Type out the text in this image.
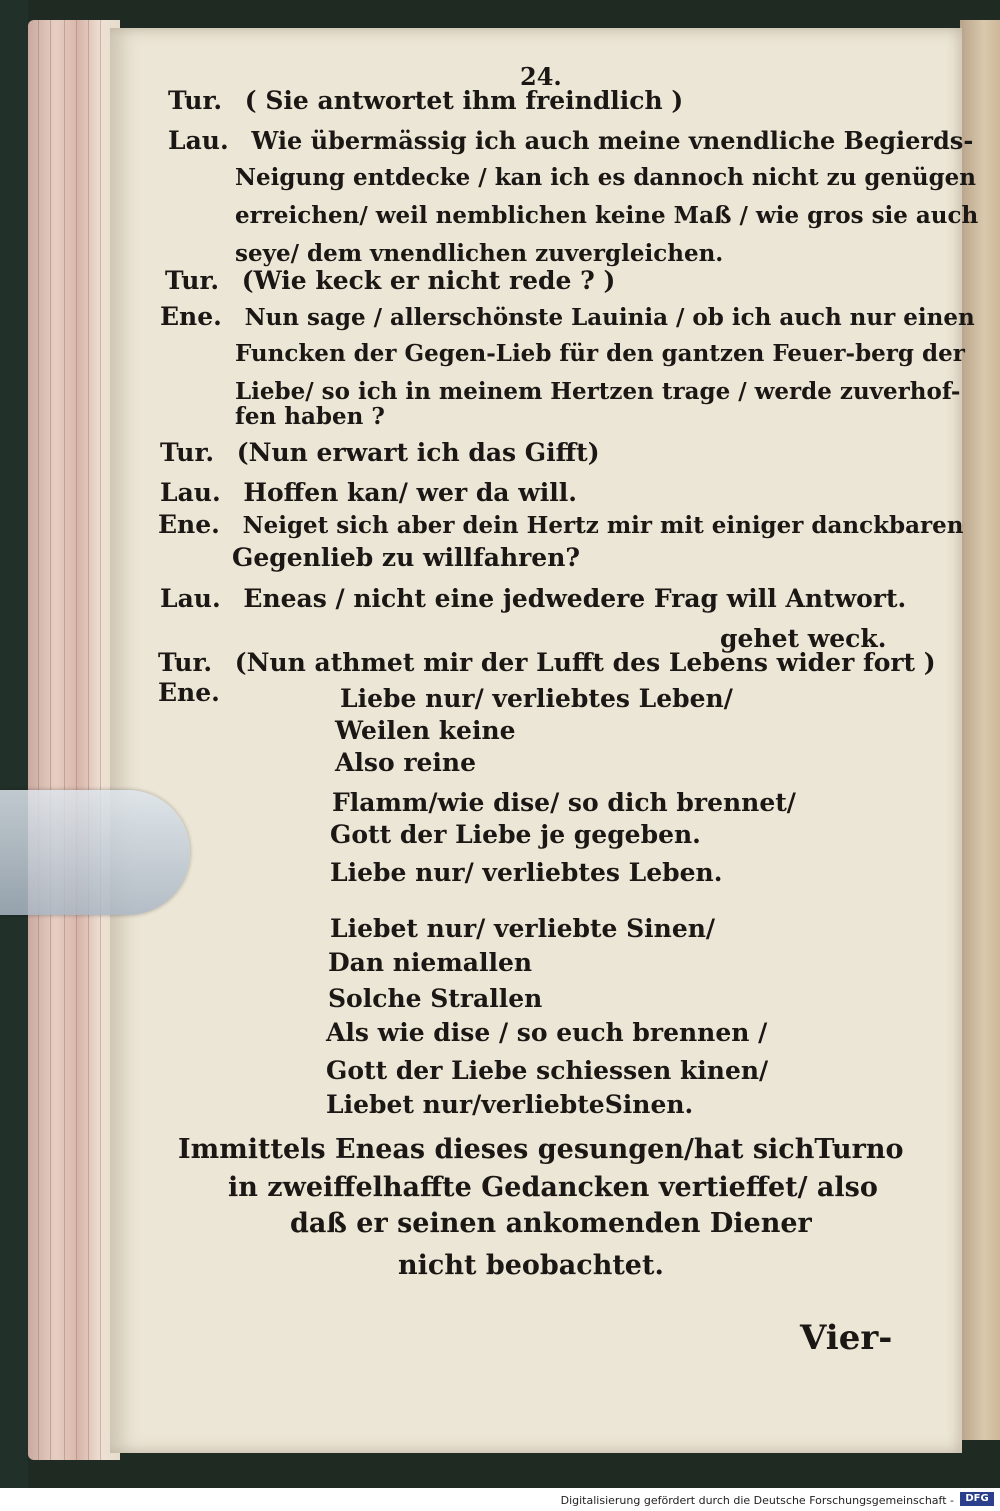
24.
Tur. ( Sie antwortet ihm freindlich )
Lau. Wie übermässig ich auch meine vnendliche Begierds-
Neigung entdecke / kan ich es dannoch nicht zu genügen
erreichen/ weil nemblichen keine Maß / wie gros sie auch
seye/ dem vnendlichen zuvergleichen.
Tur. (Wie keck er nicht rede ? )
Ene. Nun sage / allerschönste Lauinia / ob ich auch nur einen
Funcken der Gegen-Lieb für den gantzen Feuer-berg der
Liebe/ so ich in meinem Hertzen trage / werde zuverhof-
fen haben ?
Tur. (Nun erwart ich das Gifft)
Lau. Hoffen kan/ wer da will.
Ene. Neiget sich aber dein Hertz mir mit einiger danckbaren
Gegenlieb zu willfahren?
Lau. Eneas / nicht eine jedwedere Frag will Antwort.
gehet weck.
Tur. (Nun athmet mir der Lufft des Lebens wider fort )
Ene.	Liebe nur/ verliebtes Leben/
Weilen keine
Also reine
Flamm/wie dise/ so dich brennet/
Gott der Liebe je gegeben.
Liebe nur/ verliebtes Leben.
Liebet nur/ verliebte Sinen/
Dan niemallen
Solche Strallen
Als wie dise / so euch brennen /
Gott der Liebe schiessen kinen/
Liebet nur/verliebteSinen.
Immittels Eneas dieses gesungen/hat sichTurno
in zweiffelhaffte Gedancken vertieffet/ also
daß er seinen ankomenden Diener
nicht beobachtet.
Vier-
Digitalisierung gefördert durch die Deutsche Forschungsgemeinschaft -	DFG
